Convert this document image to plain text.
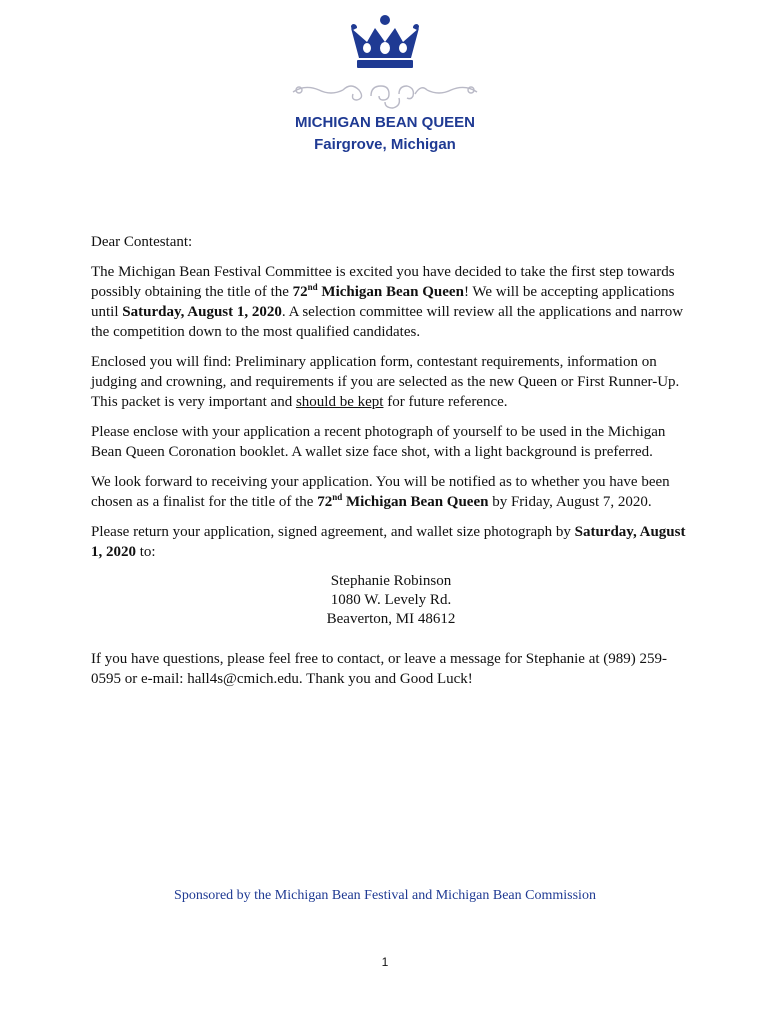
MICHIGAN BEAN QUEEN
Fairgrove, Michigan

Dear Contestant:

The Michigan Bean Festival Committee is excited you have decided to take the first step towards possibly obtaining the title of the 72nd Michigan Bean Queen! We will be accepting applications until Saturday, August 1, 2020. A selection committee will review all the applications and narrow the competition down to the most qualified candidates.

Enclosed you will find: Preliminary application form, contestant requirements, information on judging and crowning, and requirements if you are selected as the new Queen or First Runner-Up. This packet is very important and should be kept for future reference.

Please enclose with your application a recent photograph of yourself to be used in the Michigan Bean Queen Coronation booklet. A wallet size face shot, with a light background is preferred.

We look forward to receiving your application. You will be notified as to whether you have been chosen as a finalist for the title of the 72nd Michigan Bean Queen by Friday, August 7, 2020.

Please return your application, signed agreement, and wallet size photograph by Saturday, August 1, 2020 to:

Stephanie Robinson
1080 W. Levely Rd.
Beaverton, MI 48612

If you have questions, please feel free to contact, or leave a message for Stephanie at (989) 259-0595 or e-mail: hall4s@cmich.edu. Thank you and Good Luck!

Sponsored by the Michigan Bean Festival and Michigan Bean Commission
1
